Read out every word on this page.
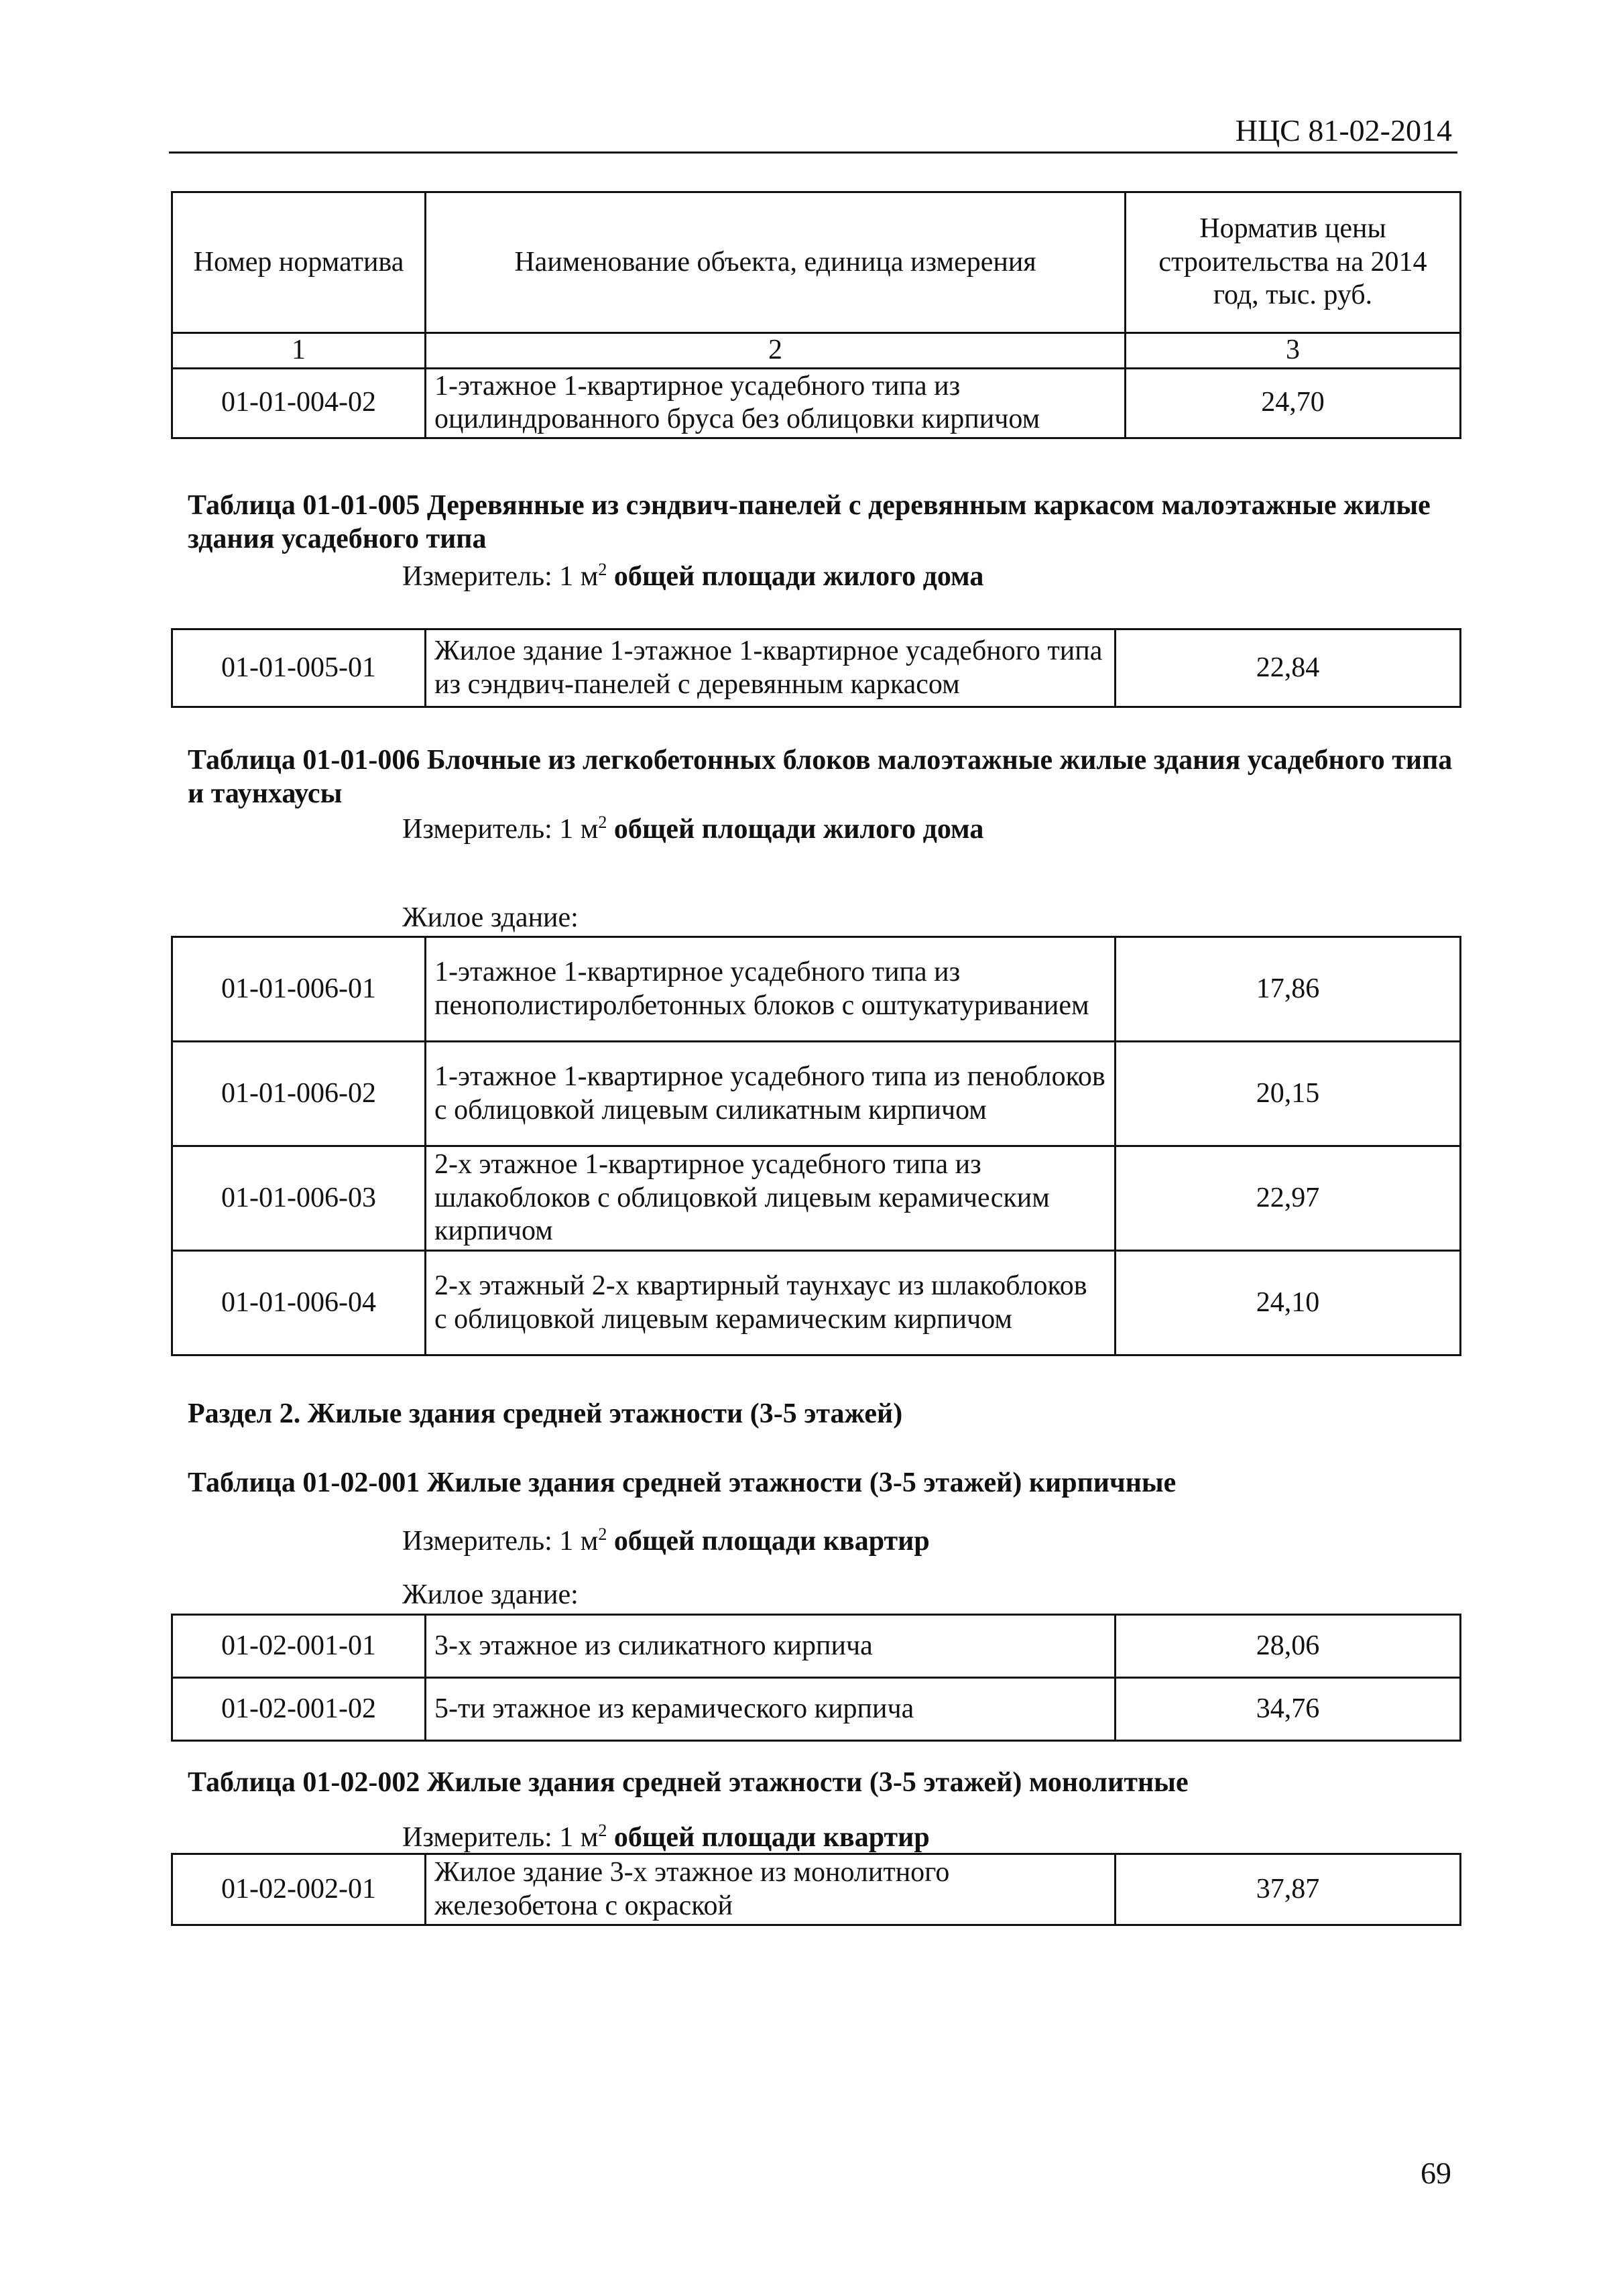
НЦС 81-02-2014
Номер норматива	Наименование объекта, единица измерения	Норматив цены строительства на 2014 год, тыс. руб.
1	2	3
01-01-004-02	1-этажное 1-квартирное усадебного типа из оцилиндрованного бруса без облицовки кирпичом	24,70
Таблица 01-01-005 Деревянные из сэндвич-панелей с деревянным каркасом малоэтажные жилые здания усадебного типа
Измеритель: 1 $м^2$ общей площади жилого дома
01-01-005-01	Жилое здание 1-этажное 1-квартирное усадебного типа из сэндвич-панелей с деревянным каркасом	22,84
Таблица 01-01-006 Блочные из легкобетонных блоков малоэтажные жилые здания усадебного типа и таунхаусы
Измеритель: 1 $м^2$ общей площади жилого дома
Жилое здание:
01-01-006-01	1-этажное 1-квартирное усадебного типа из пенополистиролбетонных блоков с оштукатуриванием	17,86
01-01-006-02	1-этажное 1-квартирное усадебного типа из пеноблоков с облицовкой лицевым силикатным кирпичом	20,15
01-01-006-03	2-х этажное 1-квартирное усадебного типа из шлакоблоков с облицовкой лицевым керамическим кирпичом	22,97
01-01-006-04	2-х этажный 2-х квартирный таунхаус из шлакоблоков с облицовкой лицевым керамическим кирпичом	24,10
Раздел 2. Жилые здания средней этажности (3-5 этажей)
Таблица 01-02-001 Жилые здания средней этажности (3-5 этажей) кирпичные
Измеритель: 1 $м^2$ общей площади квартир
Жилое здание:
01-02-001-01	3-х этажное из силикатного кирпича	28,06
01-02-001-02	5-ти этажное из керамического кирпича	34,76
Таблица 01-02-002 Жилые здания средней этажности (3-5 этажей) монолитные
Измеритель: 1 $м^2$ общей площади квартир
01-02-002-01	Жилое здание 3-х этажное из монолитного железобетона с окраской	37,87
69
